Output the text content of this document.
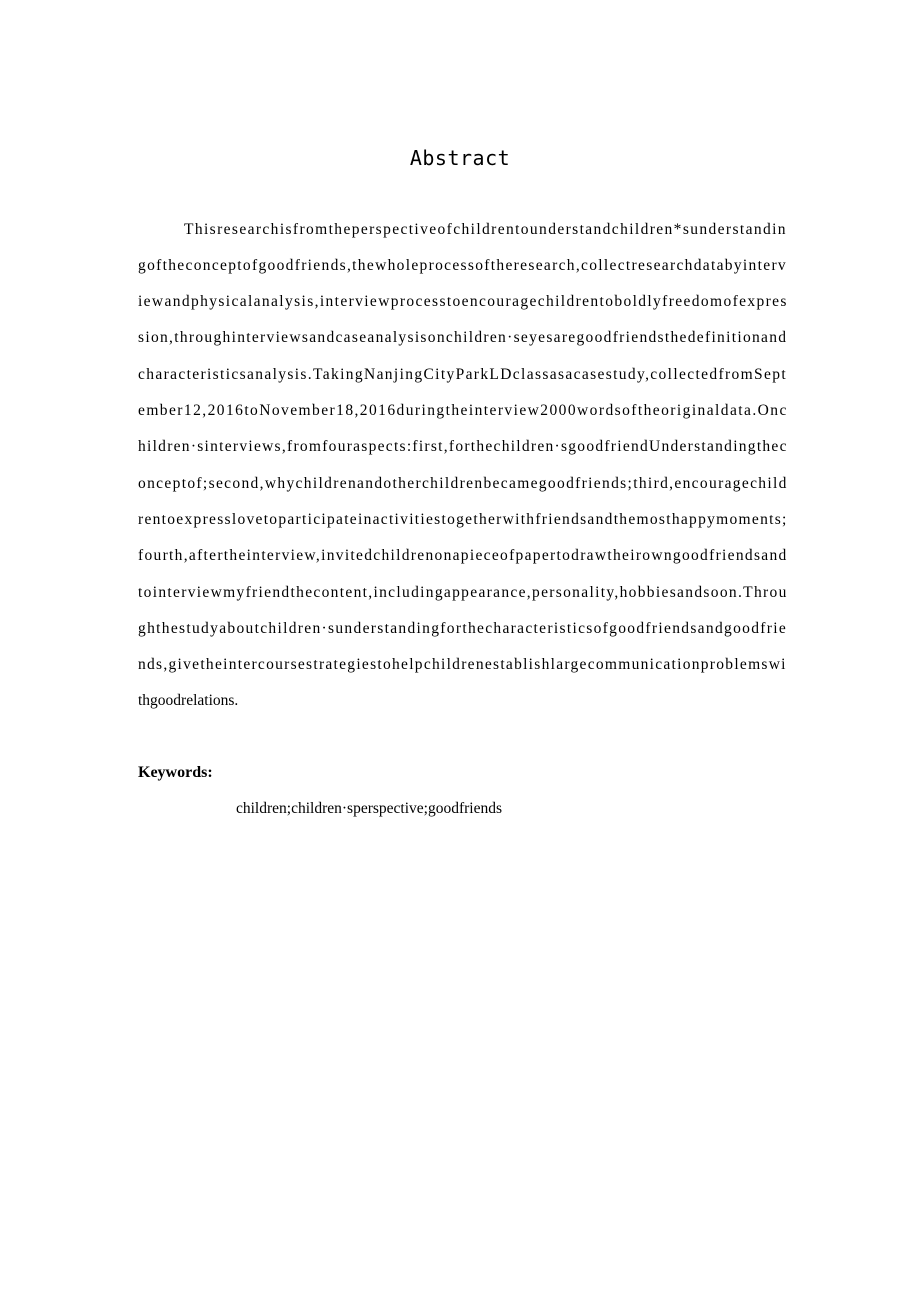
Abstract
Thisresearchisfromtheperspectiveofchildrentounderstandchildren*sunderstandin
goftheconceptofgoodfriends,thewholeprocessoftheresearch,collectresearchdatabyinterv
iewandphysicalanalysis,interviewprocesstoencouragechildrentoboldlyfreedomofexpres
sion,throughinterviewsandcaseanalysisonchildren·seyesaregoodfriendsthedefinitionand
characteristicsanalysis.TakingNanjingCityParkLDclassasacasestudy,collectedfromSept
ember12,2016toNovember18,2016duringtheinterview2000wordsoftheoriginaldata.Onc
hildren·sinterviews,fromfouraspects:first,forthechildren·sgoodfriendUnderstandingthec
onceptof;second,whychildrenandotherchildrenbecamegoodfriends;third,encouragechild
rentoexpresslovetoparticipateinactivitiestogetherwithfriendsandthemosthappymoments;
fourth,aftertheinterview,invitedchildrenonapieceofpapertodrawtheirowngoodfriendsand
tointerviewmyfriendthecontent,includingappearance,personality,hobbiesandsoon.Throu
ghthestudyaboutchildren·sunderstandingforthecharacteristicsofgoodfriendsandgoodfrie
nds,givetheintercoursestrategiestohelpchildrenestablishlargecommunicationproblemswi
thgoodrelations.
Keywords:
children;children·sperspective;goodfriends
